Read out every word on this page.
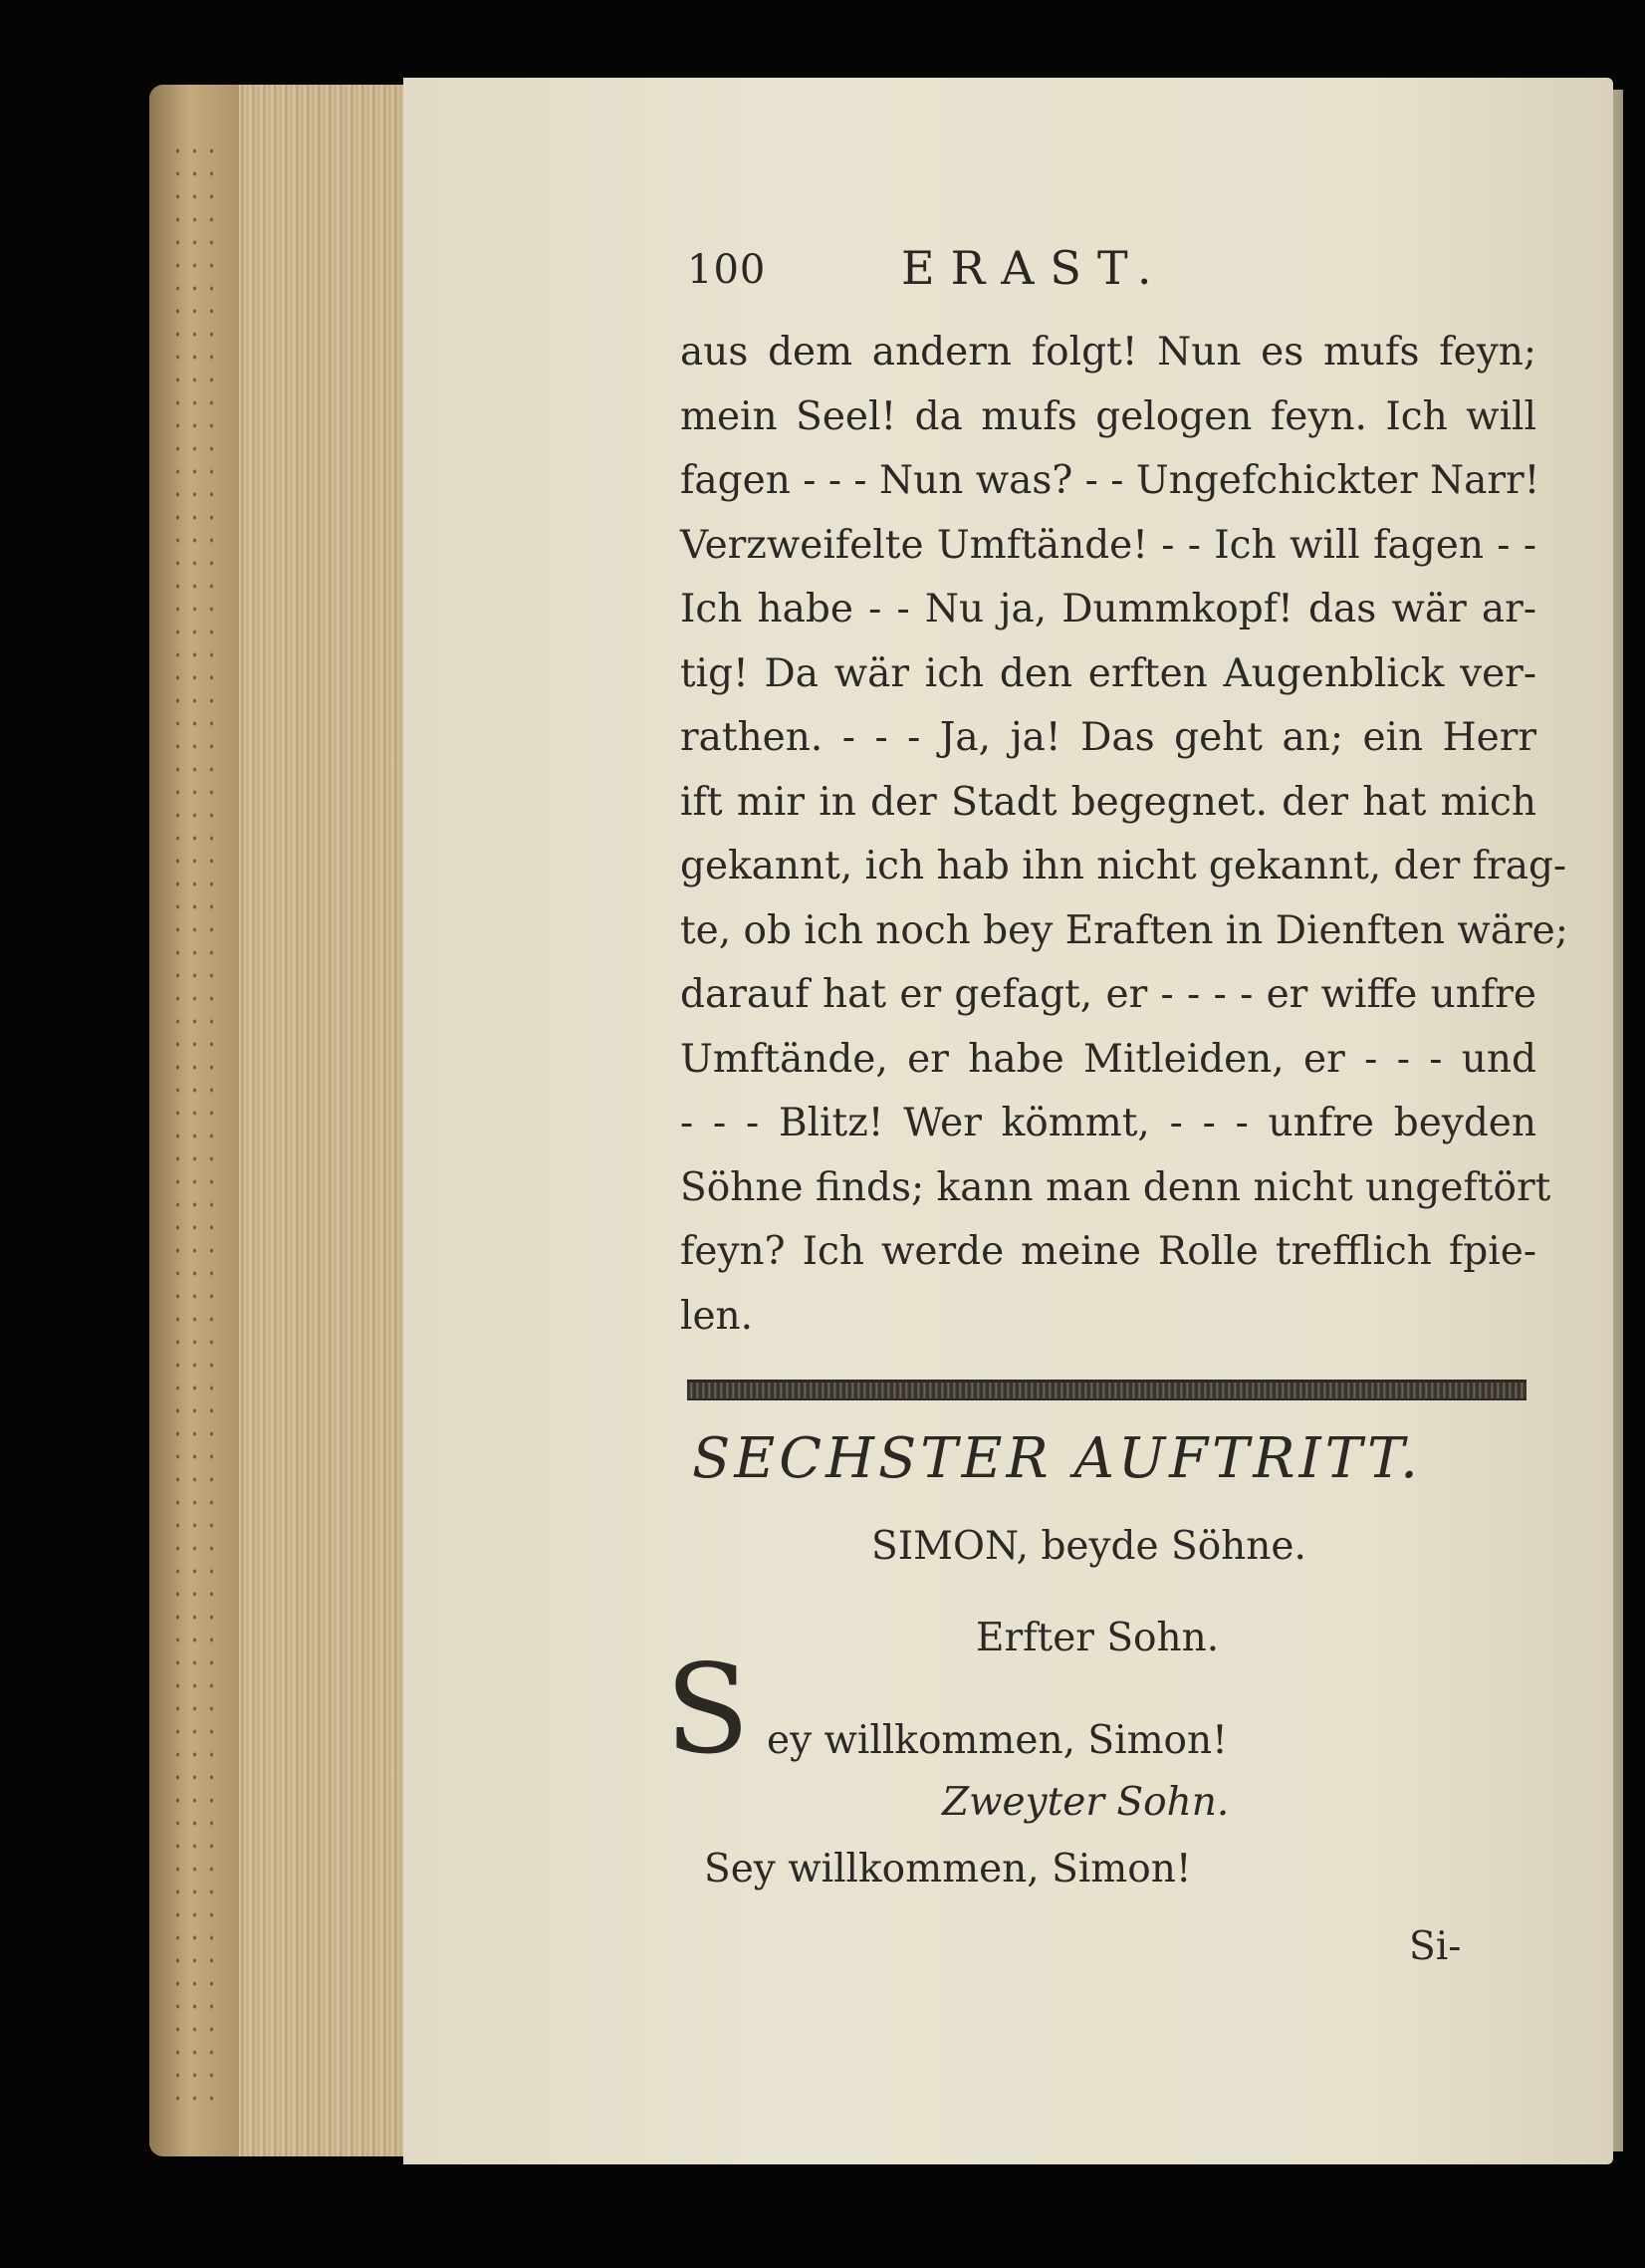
100	ERAST.
aus dem andern folgt! Nun es mufs feyn;
mein Seel! da mufs gelogen feyn. Ich will
fagen - - - Nun was? - - Ungefchickter Narr!
Verzweifelte Umftände! - - Ich will fagen - -
Ich habe - - Nu ja, Dummkopf! das wär ar-
tig! Da wär ich den erften Augenblick ver-
rathen. - - - Ja, ja! Das geht an; ein Herr
ift mir in der Stadt begegnet. der hat mich
gekannt, ich hab ihn nicht gekannt, der frag-
te, ob ich noch bey Eraften in Dienften wäre;
darauf hat er gefagt, er - - - - er wiffe unfre
Umftände, er habe Mitleiden, er - - - und
- - - Blitz! Wer kömmt, - - - unfre beyden
Söhne finds; kann man denn nicht ungeftört
feyn? Ich werde meine Rolle trefflich fpie-
len.
SECHSTER AUFTRITT.
SIMON, beyde Söhne.
Erfter Sohn.
S ey willkommen, Simon!
Zweyter Sohn.
Sey willkommen, Simon!
Si-
